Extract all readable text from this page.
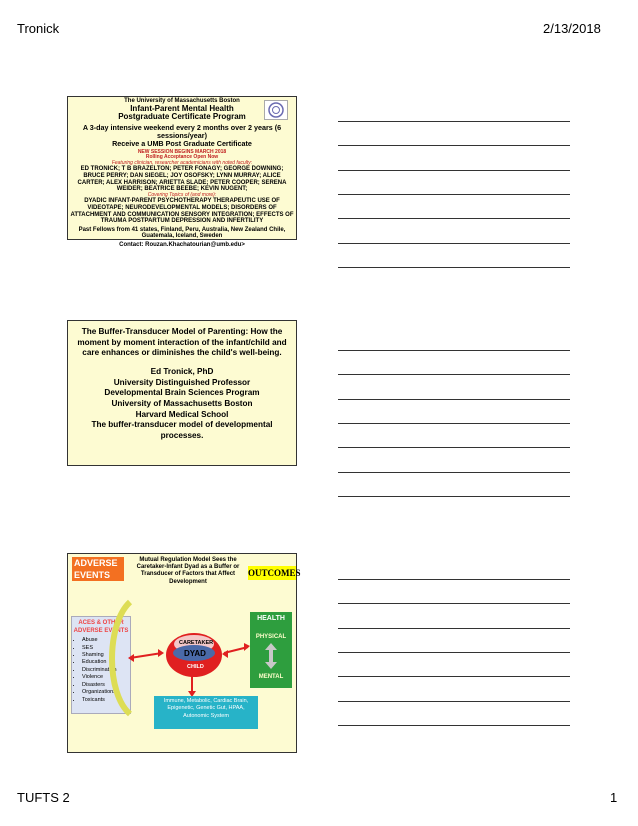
Tronick	2/13/2018
The University of Massachusetts Boston
Infant-Parent Mental Health
Postgraduate Certificate Program
A 3-day intensive weekend every 2 months over 2 years (6 sessions/year)
Receive a UMB Post Graduate Certificate
NEW SESSION BEGINS MARCH 2018
Rolling Acceptance Open Now
Featuring clinician, researcher academicians with noted faculty:
ED TRONICK; T B BRAZELTON; PETER FONAGY; GEORGE DOWNING; BRUCE PERRY; DAN SIEGEL; JOY OSOFSKY; LYNN MURRAY; ALICE CARTER; ALEX HARRISON; ARIETTA SLADE; PETER COOPER; SERENA WEIDER; BEATRICE BEEBE; KEVIN NUGENT;
Covering Topics of (and more):
DYADIC INFANT-PARENT PSYCHOTHERAPY THERAPEUTIC USE OF VIDEOTAPE; NEURODEVELOPMENTAL MODELS; DISORDERS OF ATTACHMENT AND COMMUNICATION SENSORY INTEGRATION; EFFECTS OF TRAUMA POSTPARTUM DEPRESSION AND INFERTILITY
Past Fellows from 41 states, Finland, Peru, Australia, New Zealand Chile, Guatemala, Iceland, Sweden
Contact: Rouzan.Khachatourian@umb.edu>
The Buffer-Transducer Model of Parenting: How the moment by moment interaction of the infant/child and care enhances or diminishes the child's well-being.
Ed Tronick, PhD
University Distinguished Professor
Developmental Brain Sciences Program
University of Massachusetts Boston
Harvard Medical School
The buffer-transducer model of developmental processes.
ADVERSE EVENTS
Mutual Regulation Model Sees the Caretaker-Infant Dyad as a Buffer or Transducer of Factors that Affect Development
OUTCOMES
ACES & OTHER ADVERSE EVENTS
• Abuse
• SES
• Shaming
• Education
• Discrimination
• Violence
• Disasters
• Organizations
• Toxicants
HEALTH
PHYSICAL
MENTAL
CARETAKER
DYAD
CHILD
Immune, Metabolic, Cardiac Brain, Epigenetic, Genetic Gut, HPAA, Autonomic System
TUFTS 2	1
